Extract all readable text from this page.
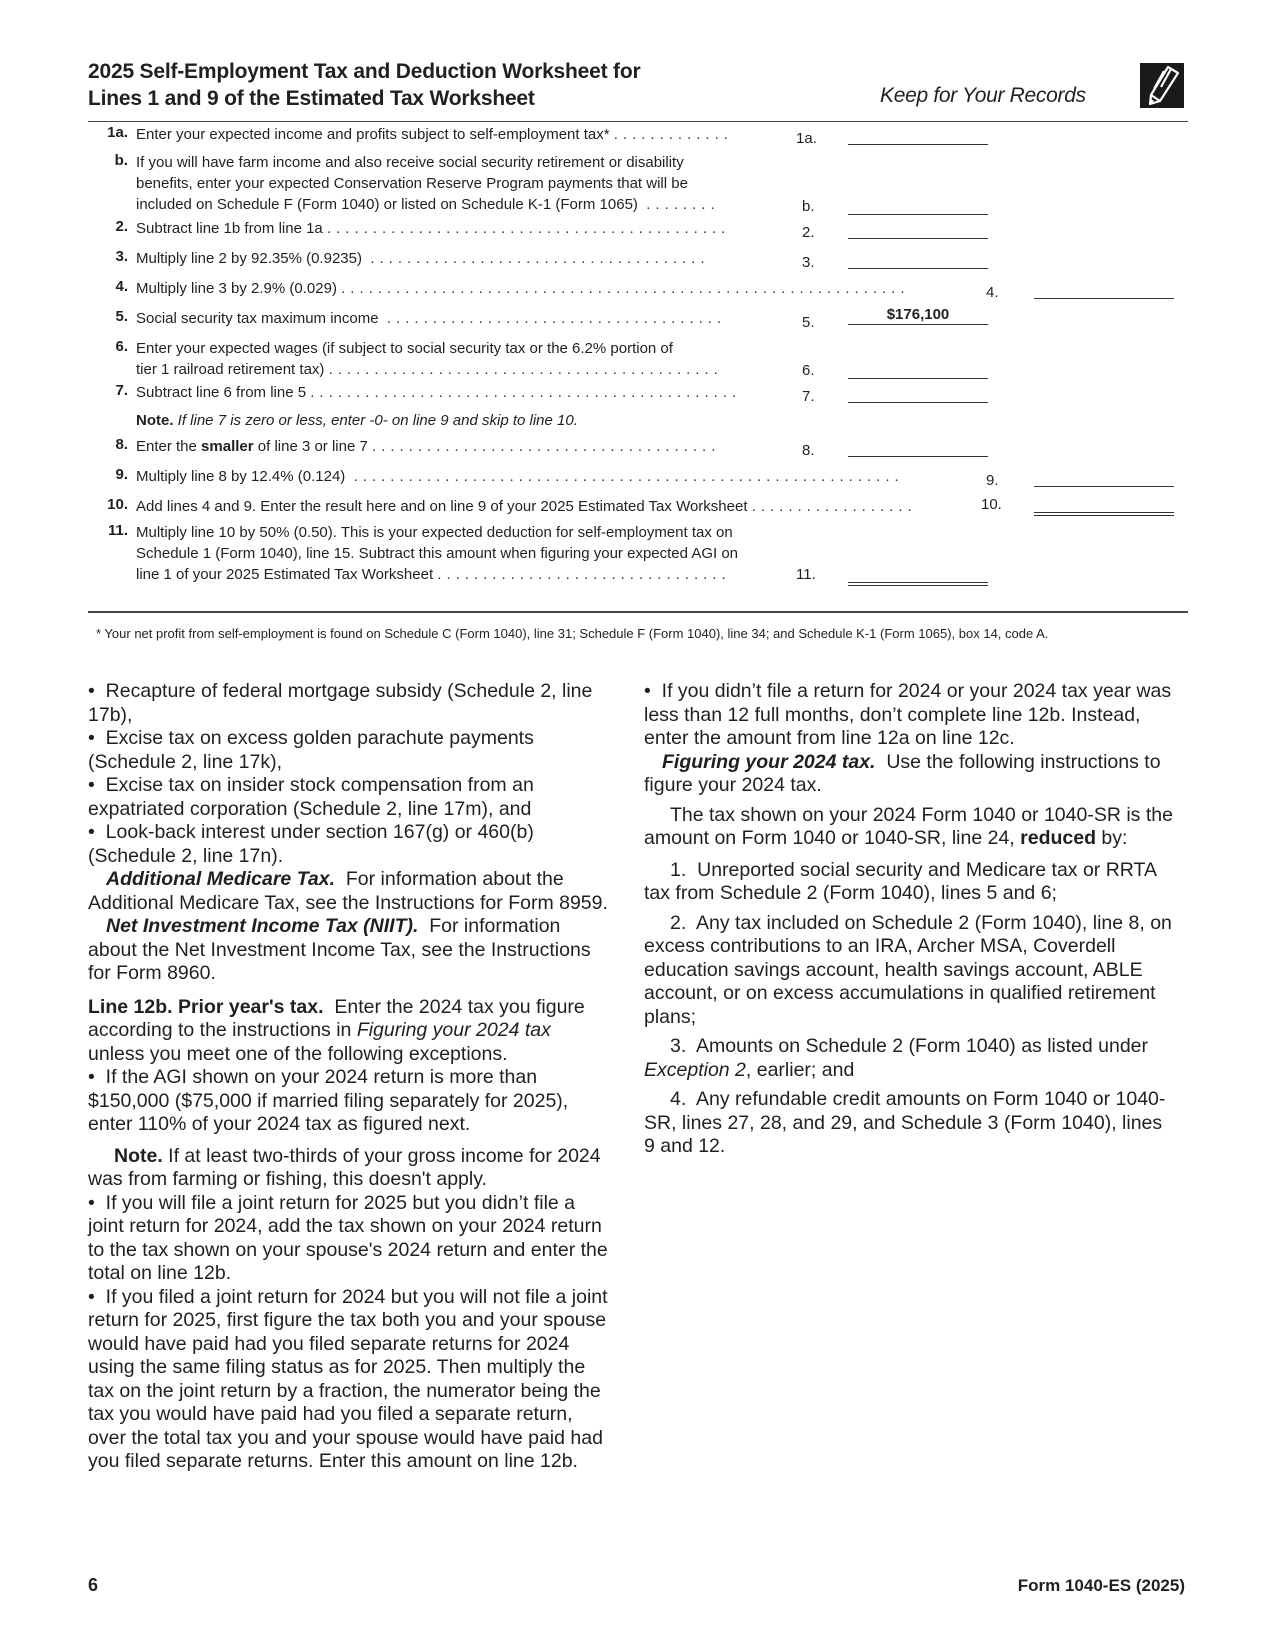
2025 Self-Employment Tax and Deduction Worksheet for
Lines 1 and 9 of the Estimated Tax Worksheet	Keep for Your Records
1a. Enter your expected income and profits subject to self-employment tax* .............	1a.
b. If you will have farm income and also receive social security retirement or disability
benefits, enter your expected Conservation Reserve Program payments that will be
included on Schedule F (Form 1040) or listed on Schedule K-1 (Form 1065) ........	b.
2. Subtract line 1b from line 1a ............................................	2.
3. Multiply line 2 by 92.35% (0.9235) .....................................	3.
4. Multiply line 3 by 2.9% (0.029) ..............................................................	4.
5. Social security tax maximum income .....................................	5.	$176,100
6. Enter your expected wages (if subject to social security tax or the 6.2% portion of
tier 1 railroad retirement tax) ...........................................	6.
7. Subtract line 6 from line 5 ...............................................	7.
Note. If line 7 is zero or less, enter -0- on line 9 and skip to line 10.
8. Enter the smaller of line 3 or line 7 ......................................	8.
9. Multiply line 8 by 12.4% (0.124) ............................................................	9.
10. Add lines 4 and 9. Enter the result here and on line 9 of your 2025 Estimated Tax Worksheet ..................	10.
11. Multiply line 10 by 50% (0.50). This is your expected deduction for self-employment tax on
Schedule 1 (Form 1040), line 15. Subtract this amount when figuring your expected AGI on
line 1 of your 2025 Estimated Tax Worksheet ................................	11.
* Your net profit from self-employment is found on Schedule C (Form 1040), line 31; Schedule F (Form 1040), line 34; and Schedule K-1 (Form 1065), box 14, code A.

•  Recapture of federal mortgage subsidy (Schedule 2, line 17b),

•  Excise tax on excess golden parachute payments (Schedule 2, line 17k),

•  Excise tax on insider stock compensation from an expatriated corporation (Schedule 2, line 17m), and

•  Look-back interest under section 167(g) or 460(b) (Schedule 2, line 17n).

Additional Medicare Tax. For information about the Additional Medicare Tax, see the Instructions for Form 8959.

Net Investment Income Tax (NIIT). For information about the Net Investment Income Tax, see the Instructions for Form 8960.

Line 12b. Prior year's tax. Enter the 2024 tax you figure according to the instructions in Figuring your 2024 tax unless you meet one of the following exceptions.

•  If the AGI shown on your 2024 return is more than $150,000 ($75,000 if married filing separately for 2025), enter 110% of your 2024 tax as figured next.

Note. If at least two-thirds of your gross income for 2024 was from farming or fishing, this doesn't apply.

•  If you will file a joint return for 2025 but you didn’t file a joint return for 2024, add the tax shown on your 2024 return to the tax shown on your spouse's 2024 return and enter the total on line 12b.

•  If you filed a joint return for 2024 but you will not file a joint return for 2025, first figure the tax both you and your spouse would have paid had you filed separate returns for 2024 using the same filing status as for 2025. Then multiply the tax on the joint return by a fraction, the numerator being the tax you would have paid had you filed a separate return, over the total tax you and your spouse would have paid had you filed separate returns. Enter this amount on line 12b.

•  If you didn’t file a return for 2024 or your 2024 tax year was less than 12 full months, don’t complete line 12b. Instead, enter the amount from line 12a on line 12c.

Figuring your 2024 tax. Use the following instructions to figure your 2024 tax.

The tax shown on your 2024 Form 1040 or 1040-SR is the amount on Form 1040 or 1040-SR, line 24, reduced by:

1. Unreported social security and Medicare tax or RRTA tax from Schedule 2 (Form 1040), lines 5 and 6;

2. Any tax included on Schedule 2 (Form 1040), line 8, on excess contributions to an IRA, Archer MSA, Coverdell education savings account, health savings account, ABLE account, or on excess accumulations in qualified retirement plans;

3. Amounts on Schedule 2 (Form 1040) as listed under Exception 2, earlier; and

4. Any refundable credit amounts on Form 1040 or 1040-SR, lines 27, 28, and 29, and Schedule 3 (Form 1040), lines 9 and 12.

6	Form 1040-ES (2025)
